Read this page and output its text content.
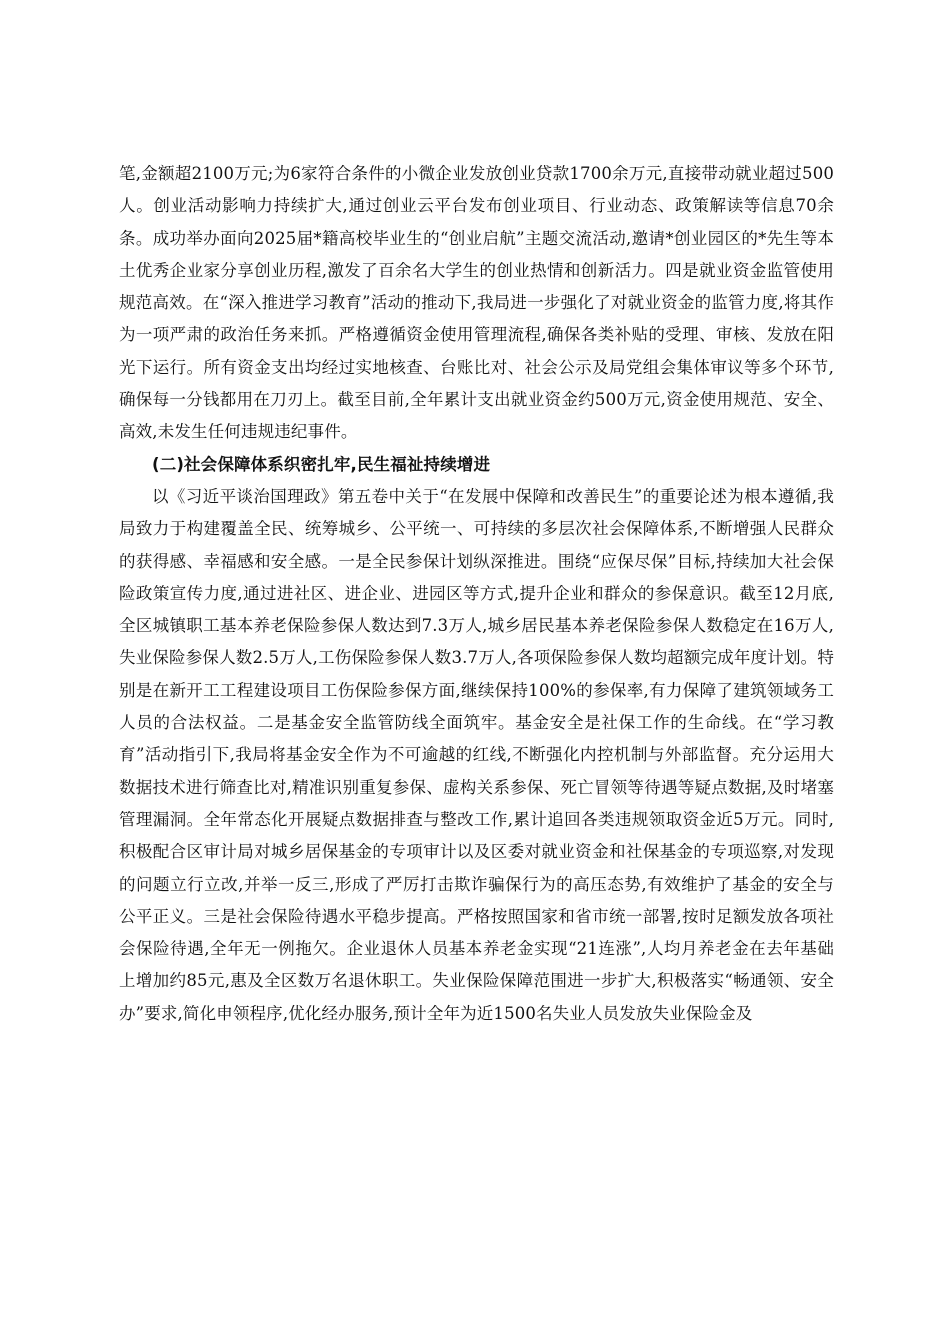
笔,金额超2100万元;为6家符合条件的小微企业发放创业贷款1700余万元,直接带动就业超过500人。创业活动影响力持续扩大,通过创业云平台发布创业项目、行业动态、政策解读等信息70余条。成功举办面向2025届*籍高校毕业生的“创业启航”主题交流活动,邀请*创业园区的*先生等本土优秀企业家分享创业历程,激发了百余名大学生的创业热情和创新活力。四是就业资金监管使用规范高效。在“深入推进学习教育”活动的推动下,我局进一步强化了对就业资金的监管力度,将其作为一项严肃的政治任务来抓。严格遵循资金使用管理流程,确保各类补贴的受理、审核、发放在阳光下运行。所有资金支出均经过实地核查、台账比对、社会公示及局党组会集体审议等多个环节,确保每一分钱都用在刀刃上。截至目前,全年累计支出就业资金约500万元,资金使用规范、安全、高效,未发生任何违规违纪事件。

(二)社会保障体系织密扎牢,民生福祉持续增进

以《习近平谈治国理政》第五卷中关于“在发展中保障和改善民生”的重要论述为根本遵循,我局致力于构建覆盖全民、统筹城乡、公平统一、可持续的多层次社会保障体系,不断增强人民群众的获得感、幸福感和安全感。一是全民参保计划纵深推进。围绕“应保尽保”目标,持续加大社会保险政策宣传力度,通过进社区、进企业、进园区等方式,提升企业和群众的参保意识。截至12月底,全区城镇职工基本养老保险参保人数达到7.3万人,城乡居民基本养老保险参保人数稳定在16万人,失业保险参保人数2.5万人,工伤保险参保人数3.7万人,各项保险参保人数均超额完成年度计划。特别是在新开工工程建设项目工伤保险参保方面,继续保持100%的参保率,有力保障了建筑领域务工人员的合法权益。二是基金安全监管防线全面筑牢。基金安全是社保工作的生命线。在“学习教育”活动指引下,我局将基金安全作为不可逾越的红线,不断强化内控机制与外部监督。充分运用大数据技术进行筛查比对,精准识别重复参保、虚构关系参保、死亡冒领等待遇等疑点数据,及时堵塞管理漏洞。全年常态化开展疑点数据排查与整改工作,累计追回各类违规领取资金近5万元。同时,积极配合区审计局对城乡居保基金的专项审计以及区委对就业资金和社保基金的专项巡察,对发现的问题立行立改,并举一反三,形成了严厉打击欺诈骗保行为的高压态势,有效维护了基金的安全与公平正义。三是社会保险待遇水平稳步提高。严格按照国家和省市统一部署,按时足额发放各项社会保险待遇,全年无一例拖欠。企业退休人员基本养老金实现“21连涨”,人均月养老金在去年基础上增加约85元,惠及全区数万名退休职工。失业保险保障范围进一步扩大,积极落实“畅通领、安全办”要求,简化申领程序,优化经办服务,预计全年为近1500名失业人员发放失业保险金及
